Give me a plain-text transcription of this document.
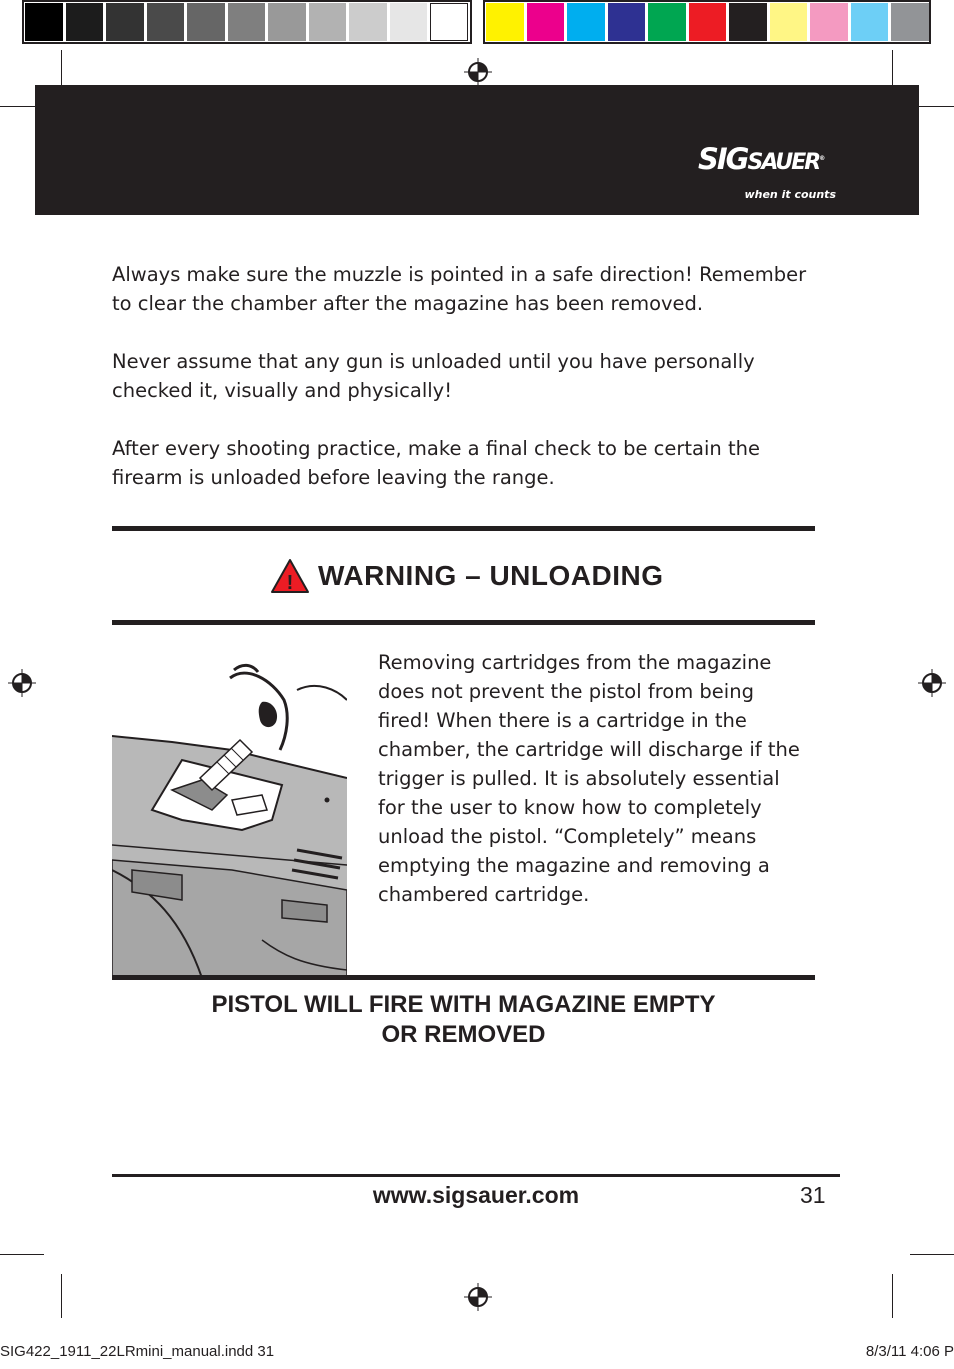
SIGSAUER®
when it counts

Always make sure the muzzle is pointed in a safe direction! Remember to clear the chamber after the magazine has been removed.

Never assume that any gun is unloaded until you have personally checked it, visually and physically!

After every shooting practice, make a final check to be certain the firearm is unloaded before leaving the range.

! WARNING – UNLOADING

Removing cartridges from the magazine does not prevent the pistol from being fired! When there is a cartridge in the chamber, the cartridge will discharge if the trigger is pulled. It is absolutely essential for the user to know how to completely unload the pistol. “Completely” means emptying the magazine and removing a chambered cartridge.

PISTOL WILL FIRE WITH MAGAZINE EMPTY
OR REMOVED

www.sigsauer.com	31
SIG422_1911_22LRmini_manual.indd 31	8/3/11 4:06 P
